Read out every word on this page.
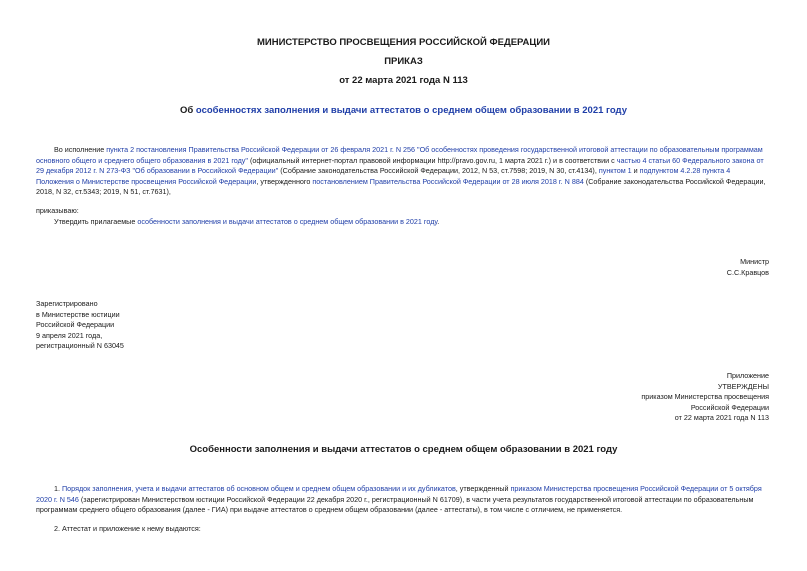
МИНИСТЕРСТВО ПРОСВЕЩЕНИЯ РОССИЙСКОЙ ФЕДЕРАЦИИ
ПРИКАЗ
от 22 марта 2021 года N 113
Об особенностях заполнения и выдачи аттестатов о среднем общем образовании в 2021 году
Во исполнение пункта 2 постановления Правительства Российской Федерации от 26 февраля 2021 г. N 256 "Об особенностях проведения государственной итоговой аттестации по образовательным программам основного общего и среднего общего образования в 2021 году" (официальный интернет-портал правовой информации http://pravo.gov.ru, 1 марта 2021 г.) и в соответствии с частью 4 статьи 60 Федерального закона от 29 декабря 2012 г. N 273-ФЗ "Об образовании в Российской Федерации" (Собрание законодательства Российской Федерации, 2012, N 53, ст.7598; 2019, N 30, ст.4134), пунктом 1 и подпунктом 4.2.28 пункта 4 Положения о Министерстве просвещения Российской Федерации, утвержденного постановлением Правительства Российской Федерации от 28 июля 2018 г. N 884 (Собрание законодательства Российской Федерации, 2018, N 32, ст.5343; 2019, N 51, ст.7631),
приказываю:
Утвердить прилагаемые особенности заполнения и выдачи аттестатов о среднем общем образовании в 2021 году.
Министр
С.С.Кравцов
Зарегистрировано
в Министерстве юстиции
Российской Федерации
9 апреля 2021 года,
регистрационный N 63045
Приложение
УТВЕРЖДЕНЫ
приказом Министерства просвещения
Российской Федерации
от 22 марта 2021 года N 113
Особенности заполнения и выдачи аттестатов о среднем общем образовании в 2021 году
1. Порядок заполнения, учета и выдачи аттестатов об основном общем и среднем общем образовании и их дубликатов, утвержденный приказом Министерства просвещения Российской Федерации от 5 октября 2020 г. N 546 (зарегистрирован Министерством юстиции Российской Федерации 22 декабря 2020 г., регистрационный N 61709), в части учета результатов государственной итоговой аттестации по образовательным программам среднего общего образования (далее - ГИА) при выдаче аттестатов о среднем общем образовании (далее - аттестаты), в том числе с отличием, не применяется.
2. Аттестат и приложение к нему выдаются:
